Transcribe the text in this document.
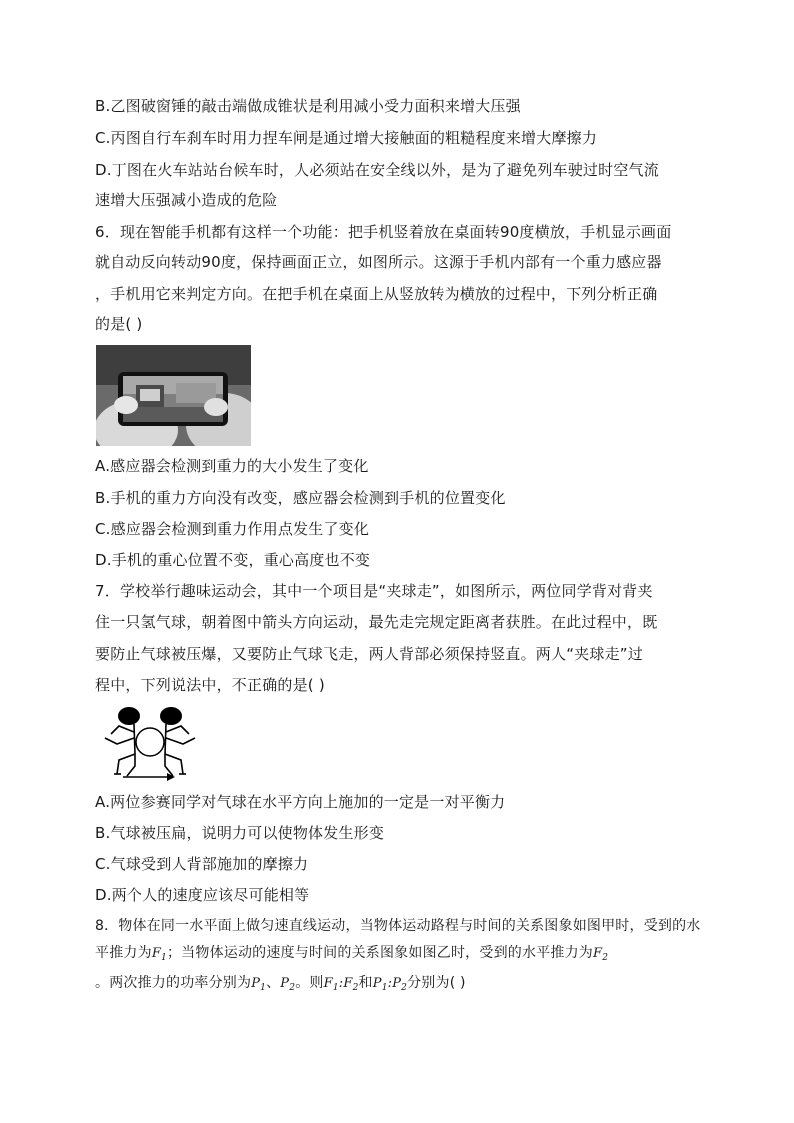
B.乙图破窗锤的敲击端做成锥状是利用减小受力面积来增大压强
C.丙图自行车刹车时用力捏车闸是通过增大接触面的粗糙程度来增大摩擦力
D.丁图在火车站站台候车时，人必须站在安全线以外，是为了避免列车驶过时空气流
速增大压强减小造成的危险
6．现在智能手机都有这样一个功能：把手机竖着放在桌面转90度横放，手机显示画面
就自动反向转动90度，保持画面正立，如图所示。这源于手机内部有一个重力感应器
，手机用它来判定方向。在把手机在桌面上从竖放转为横放的过程中，下列分析正确
的是( )
A.感应器会检测到重力的大小发生了变化
B.手机的重力方向没有改变，感应器会检测到手机的位置变化
C.感应器会检测到重力作用点发生了变化
D.手机的重心位置不变，重心高度也不变
7．学校举行趣味运动会，其中一个项目是“夹球走”，如图所示，两位同学背对背夹
住一只氢气球，朝着图中箭头方向运动，最先走完规定距离者获胜。在此过程中，既
要防止气球被压爆，又要防止气球飞走，两人背部必须保持竖直。两人“夹球走”过
程中，下列说法中，不正确的是( )
A.两位参赛同学对气球在水平方向上施加的一定是一对平衡力
B.气球被压扁，说明力可以使物体发生形变
C.气球受到人背部施加的摩擦力
D.两个人的速度应该尽可能相等
8．物体在同一水平面上做匀速直线运动，当物体运动路程与时间的关系图象如图甲时，受到的水
平推力为$F_1$；当物体运动的速度与时间的关系图象如图乙时，受到的水平推力为$F_2$
。两次推力的功率分别为$P_1$、$P_2$。则$F_1:F_2$和$P_1:P_2$分别为( )
